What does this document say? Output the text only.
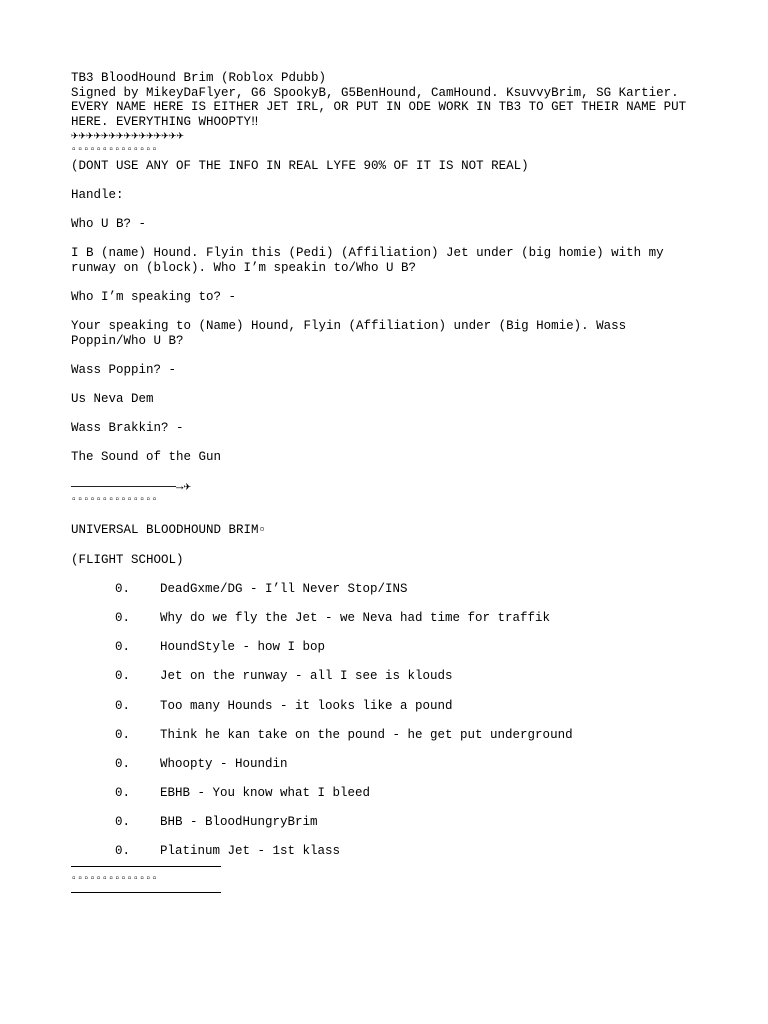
TB3 BloodHound Brim (Roblox Pdubb)
Signed by MikeyDaFlyer, G6 SpookyB, G5BenHound, CamHound. KsuvvyBrim, SG Kartier. EVERY NAME HERE IS EITHER JET IRL, OR PUT IN ODE WORK IN TB3 TO GET THEIR NAME PUT HERE. EVERYTHING WHOOPTY‼
✈✈✈✈✈✈✈✈✈✈✈✈✈✈✈
▫▫▫▫▫▫▫▫▫▫▫▫▫▫
(DONT USE ANY OF THE INFO IN REAL LYFE 90% OF IT IS NOT REAL)
Handle:
Who U B? -
I B (name) Hound. Flyin this (Pedi) (Affiliation) Jet under (big homie) with my runway on (block). Who I’m speakin to/Who U B?
Who I’m speaking to? -
Your speaking to (Name) Hound, Flyin (Affiliation) under (Big Homie). Wass Poppin/Who U B?
Wass Poppin? -
Us Neva Dem
Wass Brakkin? -
The Sound of the Gun
——————————————→✈
▫▫▫▫▫▫▫▫▫▫▫▫▫▫
UNIVERSAL BLOODHOUND BRIM▫
(FLIGHT SCHOOL)
0. DeadGxme/DG - I’ll Never Stop/INS
0. Why do we fly the Jet - we Neva had time for traffik
0. HoundStyle - how I bop
0. Jet on the runway - all I see is klouds
0. Too many Hounds - it looks like a pound
0. Think he kan take on the pound - he get put underground
0. Whoopty - Houndin
0. EBHB - You know what I bleed
0. BHB - BloodHungryBrim
0. Platinum Jet - 1st klass
▫▫▫▫▫▫▫▫▫▫▫▫▫▫
